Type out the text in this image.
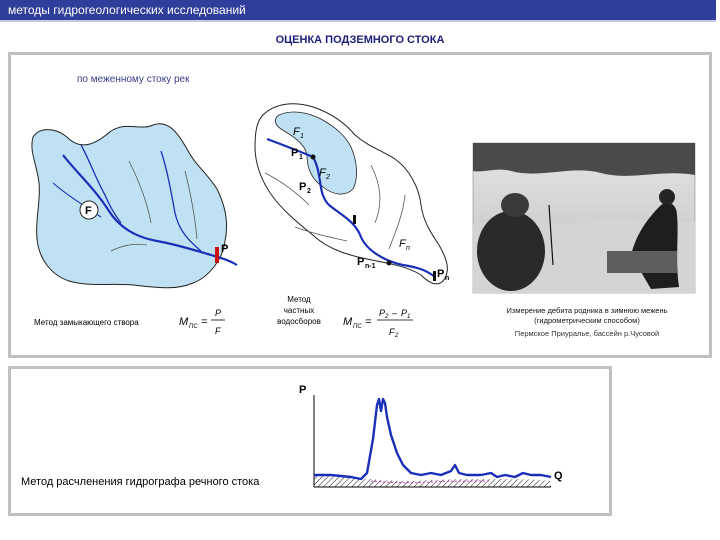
методы гидрогеологических исследований
ОЦЕНКА ПОДЗЕМНОГО СТОКА
по меженному стоку рек
F
P
Метод замыкающего створа	M ПС =
P
F
F 1
P 1
F 2
P 2
F n
P n-1
P n
Метод
частных
водосборов M ПС =
P 2 – P 1
F 2
Измерение дебита родника в зимнюю межень
(гидрометрическим способом)
Пермское Приуралье, бассейн р.Чусовой
P
Q
Метод расчленения гидрографа речного стока
